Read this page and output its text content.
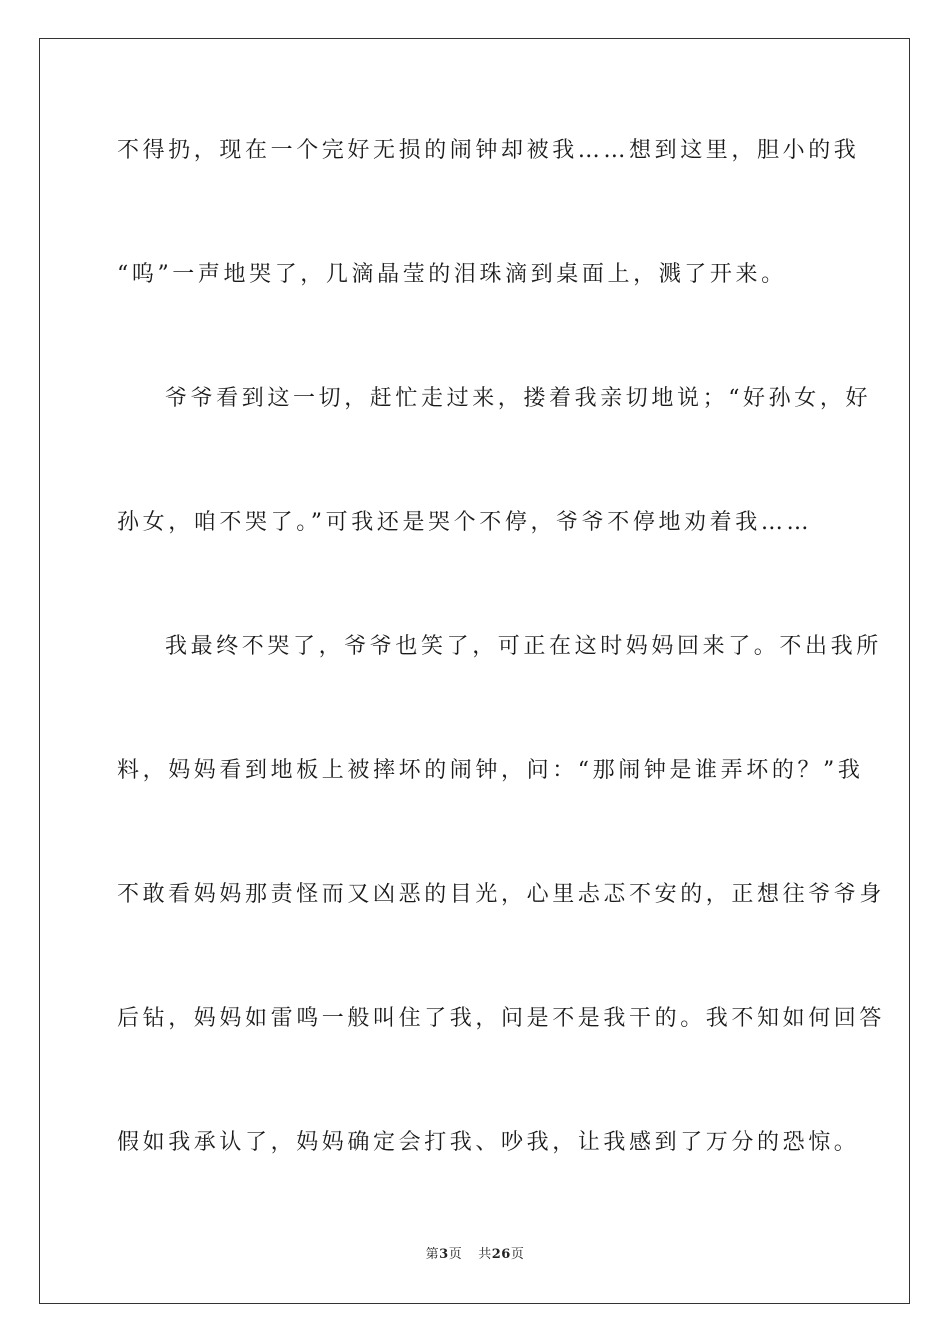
不得扔，现在一个完好无损的闹钟却被我……想到这里，胆小的我
“呜”一声地哭了，几滴晶莹的泪珠滴到桌面上，溅了开来。
爷爷看到这一切，赶忙走过来，搂着我亲切地说；“好孙女，好
孙女，咱不哭了。”可我还是哭个不停，爷爷不停地劝着我……
我最终不哭了，爷爷也笑了，可正在这时妈妈回来了。不出我所
料，妈妈看到地板上被摔坏的闹钟，问：“那闹钟是谁弄坏的？”我
不敢看妈妈那责怪而又凶恶的目光，心里忐忑不安的，正想往爷爷身
后钻，妈妈如雷鸣一般叫住了我，问是不是我干的。我不知如何回答
假如我承认了，妈妈确定会打我、吵我，让我感到了万分的恐惊。
第3页 共26页
